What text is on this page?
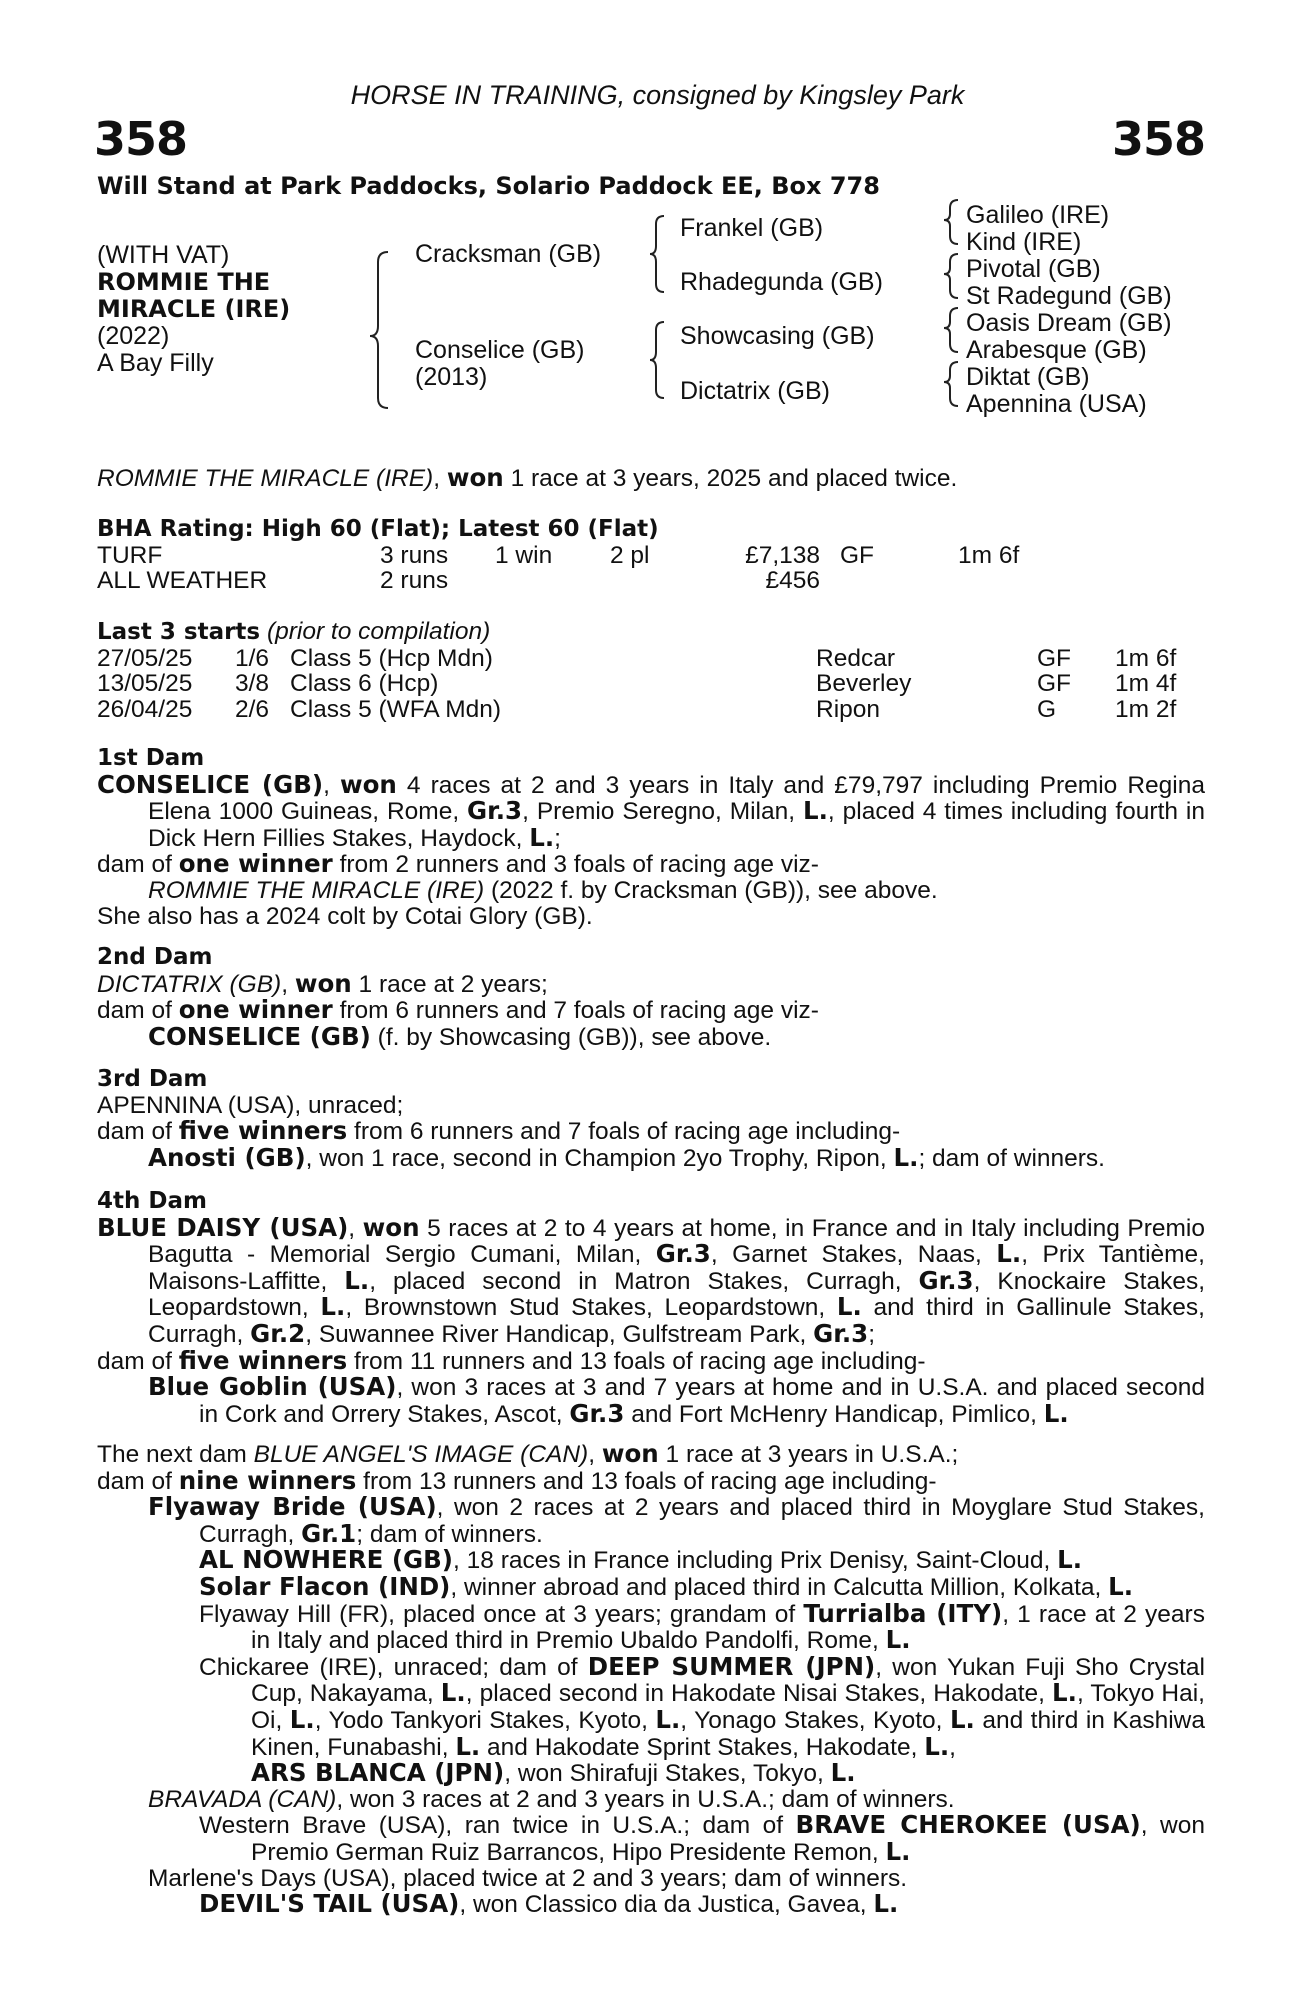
HORSE IN TRAINING, consigned by Kingsley Park
358	358
Will Stand at Park Paddocks, Solario Paddock EE, Box 778
(WITH VAT)
ROMMIE THE
MIRACLE (IRE)
(2022)
A Bay Filly
Cracksman (GB)
Conselice (GB)
(2013)
Frankel (GB)
Rhadegunda (GB)
Showcasing (GB)
Dictatrix (GB)
Galileo (IRE)
Kind (IRE)
Pivotal (GB)
St Radegund (GB)
Oasis Dream (GB)
Arabesque (GB)
Diktat (GB)
Apennina (USA)
ROMMIE THE MIRACLE (IRE), won 1 race at 3 years, 2025 and placed twice.
BHA Rating: High 60 (Flat); Latest 60 (Flat)
TURF	3 runs	1 win	2 pl	£7,138	GF	1m 6f
ALL WEATHER	2 runs			£456		
Last 3 starts (prior to compilation)
27/05/25	1/6	Class 5 (Hcp Mdn)	Redcar	GF	1m 6f
13/05/25	3/8	Class 6 (Hcp)	Beverley	GF	1m 4f
26/04/25	2/6	Class 5 (WFA Mdn)	Ripon	G	1m 2f
1st Dam

CONSELICE (GB), won 4 races at 2 and 3 years in Italy and £79,797 including Premio Regina Elena 1000 Guineas, Rome, Gr.3, Premio Seregno, Milan, L., placed 4 times including fourth in Dick Hern Fillies Stakes, Haydock, L.;

dam of one winner from 2 runners and 3 foals of racing age viz-

ROMMIE THE MIRACLE (IRE) (2022 f. by Cracksman (GB)), see above.

She also has a 2024 colt by Cotai Glory (GB).

2nd Dam

DICTATRIX (GB), won 1 race at 2 years;

dam of one winner from 6 runners and 7 foals of racing age viz-

CONSELICE (GB) (f. by Showcasing (GB)), see above.

3rd Dam

APENNINA (USA), unraced;

dam of five winners from 6 runners and 7 foals of racing age including-

Anosti (GB), won 1 race, second in Champion 2yo Trophy, Ripon, L.; dam of winners.

4th Dam

BLUE DAISY (USA), won 5 races at 2 to 4 years at home, in France and in Italy including Premio Bagutta - Memorial Sergio Cumani, Milan, Gr.3, Garnet Stakes, Naas, L., Prix Tantième, Maisons-Laffitte, L., placed second in Matron Stakes, Curragh, Gr.3, Knockaire Stakes, Leopardstown, L., Brownstown Stud Stakes, Leopardstown, L. and third in Gallinule Stakes, Curragh, Gr.2, Suwannee River Handicap, Gulfstream Park, Gr.3;

dam of five winners from 11 runners and 13 foals of racing age including-

Blue Goblin (USA), won 3 races at 3 and 7 years at home and in U.S.A. and placed second in Cork and Orrery Stakes, Ascot, Gr.3 and Fort McHenry Handicap, Pimlico, L.

The next dam BLUE ANGEL'S IMAGE (CAN), won 1 race at 3 years in U.S.A.;

dam of nine winners from 13 runners and 13 foals of racing age including-

Flyaway Bride (USA), won 2 races at 2 years and placed third in Moyglare Stud Stakes, Curragh, Gr.1; dam of winners.

AL NOWHERE (GB), 18 races in France including Prix Denisy, Saint-Cloud, L.

Solar Flacon (IND), winner abroad and placed third in Calcutta Million, Kolkata, L.

Flyaway Hill (FR), placed once at 3 years; grandam of Turrialba (ITY), 1 race at 2 years in Italy and placed third in Premio Ubaldo Pandolfi, Rome, L.

Chickaree (IRE), unraced; dam of DEEP SUMMER (JPN), won Yukan Fuji Sho Crystal Cup, Nakayama, L., placed second in Hakodate Nisai Stakes, Hakodate, L., Tokyo Hai, Oi, L., Yodo Tankyori Stakes, Kyoto, L., Yonago Stakes, Kyoto, L. and third in Kashiwa Kinen, Funabashi, L. and Hakodate Sprint Stakes, Hakodate, L.,

ARS BLANCA (JPN), won Shirafuji Stakes, Tokyo, L.

BRAVADA (CAN), won 3 races at 2 and 3 years in U.S.A.; dam of winners.

Western Brave (USA), ran twice in U.S.A.; dam of BRAVE CHEROKEE (USA), won Premio German Ruiz Barrancos, Hipo Presidente Remon, L.

Marlene's Days (USA), placed twice at 2 and 3 years; dam of winners.

DEVIL'S TAIL (USA), won Classico dia da Justica, Gavea, L.
